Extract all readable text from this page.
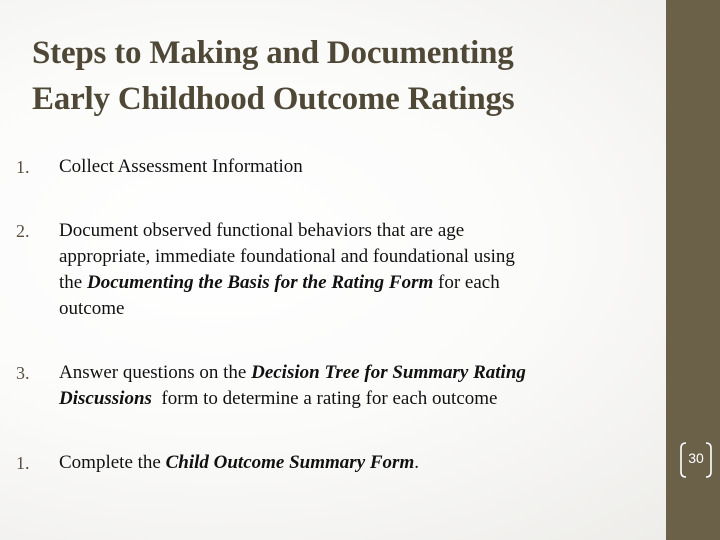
Steps to Making and Documenting
Early Childhood Outcome Ratings
1. Collect Assessment Information
2. Document observed functional behaviors that are age
appropriate, immediate foundational and foundational using
the Documenting the Basis for the Rating Form for each
outcome
3. Answer questions on the Decision Tree for Summary Rating
Discussions  form to determine a rating for each outcome
1. Complete the Child Outcome Summary Form.	30
